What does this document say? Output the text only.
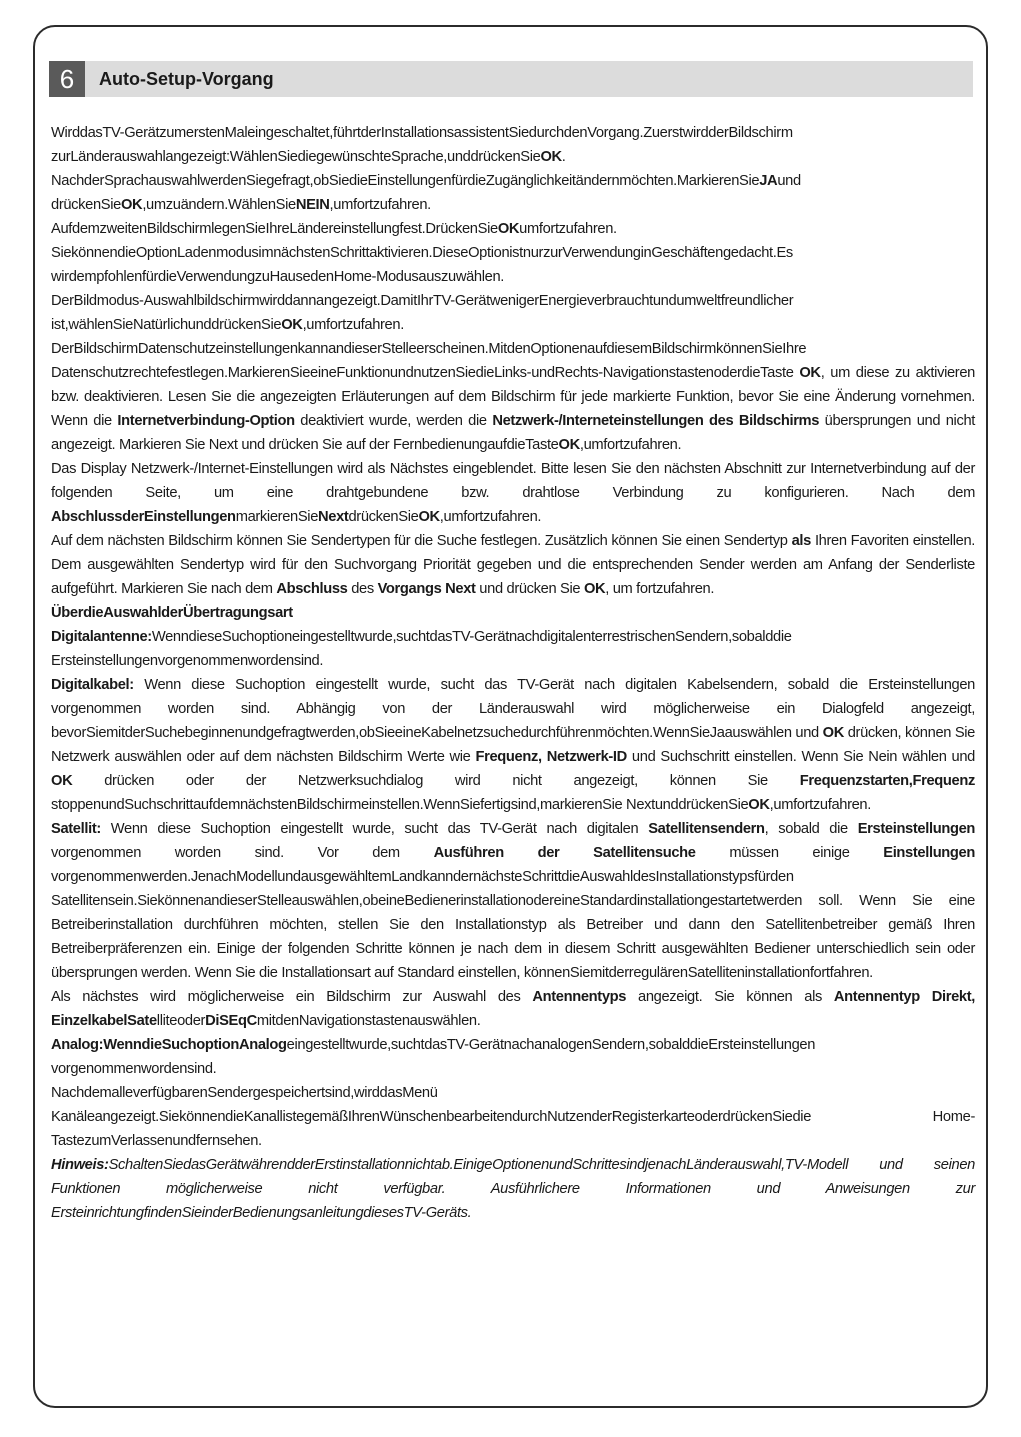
6	Auto-Setup-Vorgang

WirddasTV-GerätzumerstenMaleingeschaltet,führtderInstallationsassistentSiedurchdenVorgang.ZuerstwirdderBildschirm zurLänderauswahlangezeigt:WählenSiediegewünschteSprache,unddrückenSieOK.

NachderSprachauswahlwerdenSiegefragt,obSiedieEinstellungenfürdieZugänglichkeitändernmöchten.MarkierenSieJAund drückenSieOK,umzuändern.WählenSieNEIN,umfortzufahren.

AufdemzweitenBildschirmlegenSieIhreLändereinstellungfest.DrückenSieOKumfortzufahren.

SiekönnendieOptionLadenmodusimnächstenSchrittaktivieren.DieseOptionistnurzurVerwendunginGeschäftengedacht.Es wirdempfohlenfürdieVerwendungzuHausedenHome-Modusauszuwählen.

DerBildmodus-Auswahlbildschirmwirddannangezeigt.DamitIhrTV-GerätwenigerEnergieverbrauchtundumweltfreundlicher ist,wählenSieNatürlichunddrückenSieOK,umfortzufahren.

DerBildschirmDatenschutzeinstellungenkannandieserStelleerscheinen.MitdenOptionenaufdiesemBildschirmkönnenSieIhre Datenschutzrechtefestlegen.MarkierenSieeineFunktionundnutzenSiedieLinks-undRechts-NavigationstastenoderdieTaste OK, um diese zu aktivieren bzw. deaktivieren. Lesen Sie die angezeigten Erläuterungen auf dem Bildschirm für jede markierte Funktion, bevor Sie eine Änderung vornehmen. Wenn die Internetverbindung-Option deaktiviert wurde, werden die Netzwerk-/Interneteinstellungen des Bildschirms übersprungen und nicht angezeigt. Markieren Sie Next und drücken Sie auf der FernbedienungaufdieTasteOK,umfortzufahren.

Das Display Netzwerk-/Internet-Einstellungen wird als Nächstes eingeblendet. Bitte lesen Sie den nächsten Abschnitt zur Internetverbindung auf der folgenden Seite, um eine drahtgebundene bzw. drahtlose Verbindung zu konfigurieren. Nach dem AbschlussderEinstellungenmarkierenSieNextdrückenSieOK,umfortzufahren.

Auf dem nächsten Bildschirm können Sie Sendertypen für die Suche festlegen. Zusätzlich können Sie einen Sendertyp als Ihren Favoriten einstellen. Dem ausgewählten Sendertyp wird für den Suchvorgang Priorität gegeben und die entsprechenden Sender werden am Anfang der Senderliste aufgeführt. Markieren Sie nach dem Abschluss des Vorgangs Next und drücken Sie OK, um fortzufahren.

ÜberdieAuswahlderÜbertragungsart

Digitalantenne:WenndieseSuchoptioneingestelltwurde,suchtdasTV-GerätnachdigitalenterrestrischenSendern,sobalddie Ersteinstellungenvorgenommenwordensind.

Digitalkabel: Wenn diese Suchoption eingestellt wurde, sucht das TV-Gerät nach digitalen Kabelsendern, sobald die Ersteinstellungen vorgenommen worden sind. Abhängig von der Länderauswahl wird möglicherweise ein Dialogfeld angezeigt, bevorSiemitderSuchebeginnenundgefragtwerden,obSieeineKabelnetzsuchedurchführenmöchten.WennSieJaauswählen und OK drücken, können Sie Netzwerk auswählen oder auf dem nächsten Bildschirm Werte wie Frequenz, Netzwerk-ID und Suchschritt einstellen. Wenn Sie Nein wählen und OK drücken oder der Netzwerksuchdialog wird nicht angezeigt, können Sie Frequenzstarten,Frequenz stoppenundSuchschrittaufdemnächstenBildschirmeinstellen.WennSiefertigsind,markierenSie NextunddrückenSieOK,umfortzufahren.

Satellit: Wenn diese Suchoption eingestellt wurde, sucht das TV-Gerät nach digitalen Satellitensendern, sobald die Ersteinstellungen vorgenommen worden sind. Vor dem Ausführen der Satellitensuche müssen einige Einstellungen vorgenommenwerden.JenachModellundausgewähltemLandkanndernächsteSchrittdieAuswahldesInstallationstypsfürden Satellitensein.SiekönnenandieserStelleauswählen,obeineBedienerinstallationodereineStandardinstallationgestartetwerden soll. Wenn Sie eine Betreiberinstallation durchführen möchten, stellen Sie den Installationstyp als Betreiber und dann den Satellitenbetreiber gemäß Ihren Betreiberpräferenzen ein. Einige der folgenden Schritte können je nach dem in diesem Schritt ausgewählten Bediener unterschiedlich sein oder übersprungen werden. Wenn Sie die Installationsart auf Standard einstellen, könnenSiemitderregulärenSatelliteninstallationfortfahren.

Als nächstes wird möglicherweise ein Bildschirm zur Auswahl des Antennentyps angezeigt. Sie können als Antennentyp Direkt, EinzelkabelSatelliteoderDiSEqCmitdenNavigationstastenauswählen.

Analog:WenndieSuchoptionAnalogeingestelltwurde,suchtdasTV-GerätnachanalogenSendern,sobalddieErsteinstellungen vorgenommenwordensind.

NachdemalleverfügbarenSendergespeichertsind,wirddasMenü

Kanäleangezeigt.SiekönnendieKanallistegemäßIhrenWünschenbearbeitendurchNutzenderRegisterkarteoderdrückenSiedie Home-TastezumVerlassenundfernsehen.

Hinweis:SchaltenSiedasGerätwährendderErstinstallationnichtab.EinigeOptionenundSchrittesindjenachLänderauswahl,TV-Modell und seinen Funktionen möglicherweise nicht verfügbar. Ausführlichere Informationen und Anweisungen zur ErsteinrichtungfindenSieinderBedienungsanleitungdiesesTV-Geräts.
